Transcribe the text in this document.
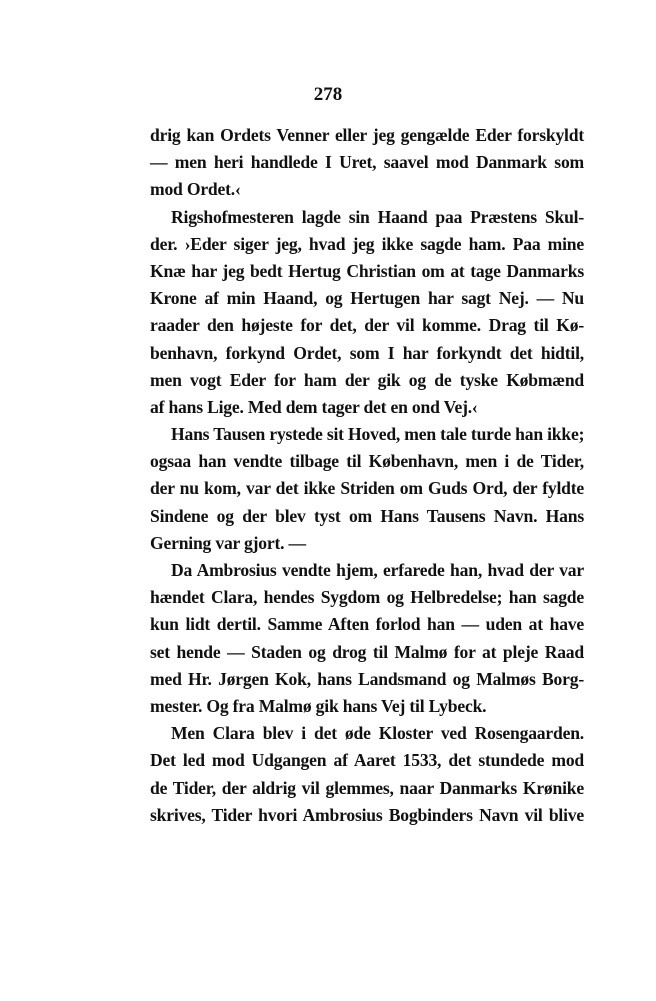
278
drig kan Ordets Venner eller jeg gengælde Eder forskyldt
— men heri handlede I Uret, saavel mod Danmark som
mod Ordet.‹
Rigshofmesteren lagde sin Haand paa Præstens Skul-
der. ›Eder siger jeg, hvad jeg ikke sagde ham. Paa mine
Knæ har jeg bedt Hertug Christian om at tage Danmarks
Krone af min Haand, og Hertugen har sagt Nej. — Nu
raader den højeste for det, der vil komme. Drag til Kø-
benhavn, forkynd Ordet, som I har forkyndt det hidtil,
men vogt Eder for ham der gik og de tyske Købmænd
af hans Lige. Med dem tager det en ond Vej.‹
Hans Tausen rystede sit Hoved, men tale turde han ikke;
ogsaa han vendte tilbage til København, men i de Tider,
der nu kom, var det ikke Striden om Guds Ord, der fyldte
Sindene og der blev tyst om Hans Tausens Navn. Hans
Gerning var gjort. —
Da Ambrosius vendte hjem, erfarede han, hvad der var
hændet Clara, hendes Sygdom og Helbredelse; han sagde
kun lidt dertil. Samme Aften forlod han — uden at have
set hende — Staden og drog til Malmø for at pleje Raad
med Hr. Jørgen Kok, hans Landsmand og Malmøs Borg-
mester. Og fra Malmø gik hans Vej til Lybeck.
Men Clara blev i det øde Kloster ved Rosengaarden.
Det led mod Udgangen af Aaret 1533, det stundede mod
de Tider, der aldrig vil glemmes, naar Danmarks Krønike
skrives, Tider hvori Ambrosius Bogbinders Navn vil blive
